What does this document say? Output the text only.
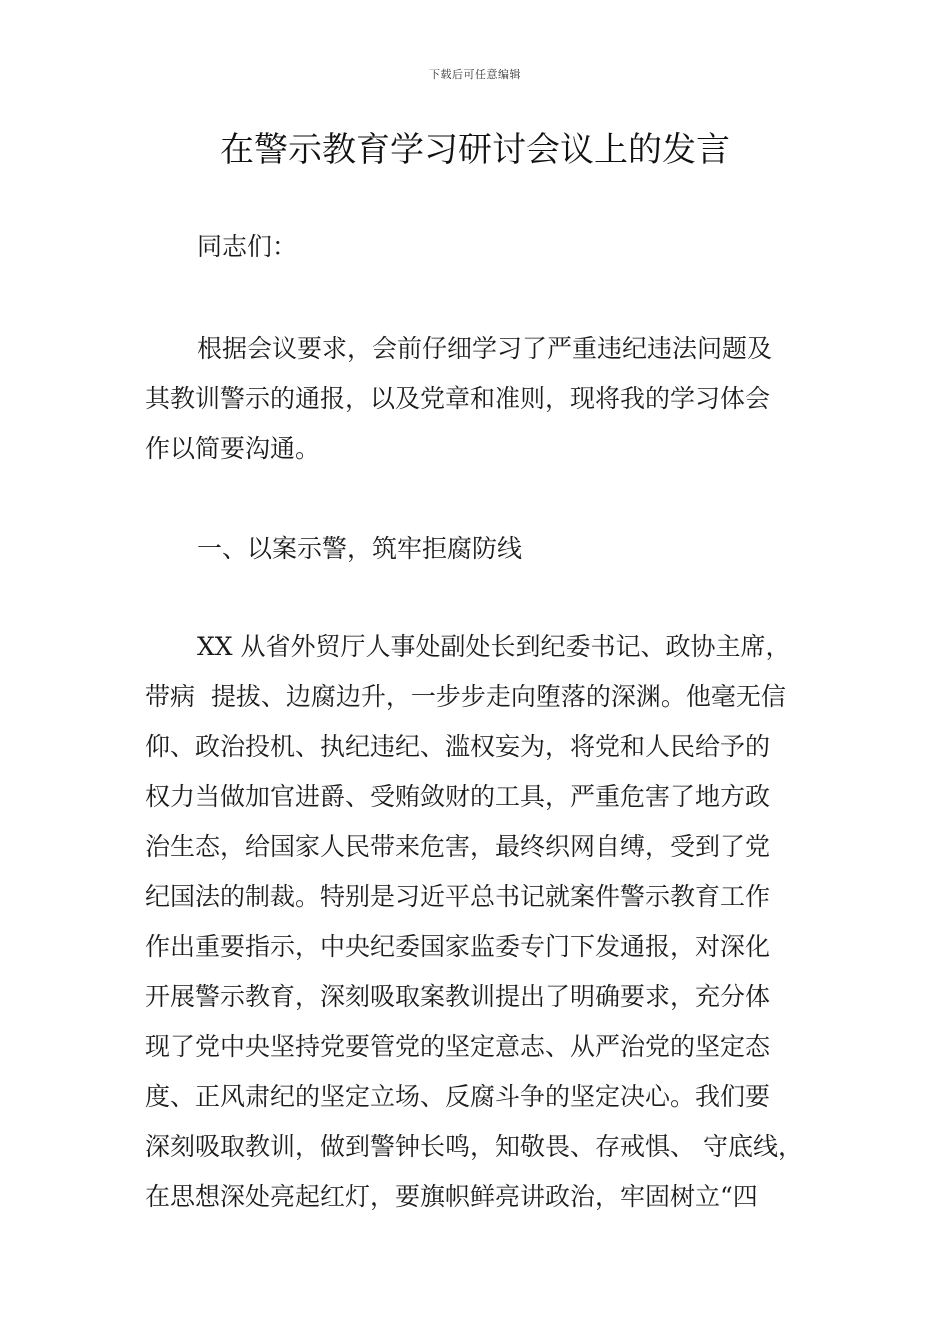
下载后可任意编辑
在警示教育学习研讨会议上的发言
同志们：
根据会议要求，会前仔细学习了严重违纪违法问题及
其教训警示的通报，以及党章和准则，现将我的学习体会
作以简要沟通。
一、以案示警，筑牢拒腐防线
XX 从省外贸厅人事处副处长到纪委书记、政协主席，
带病  提拔、边腐边升，一步步走向堕落的深渊。他毫无信
仰、政治投机、执纪违纪、滥权妄为，将党和人民给予的
权力当做加官进爵、受贿敛财的工具，严重危害了地方政
治生态，给国家人民带来危害，最终织网自缚，受到了党
纪国法的制裁。特别是习近平总书记就案件警示教育工作
作出重要指示，中央纪委国家监委专门下发通报，对深化
开展警示教育，深刻吸取案教训提出了明确要求，充分体
现了党中央坚持党要管党的坚定意志、从严治党的坚定态
度、正风肃纪的坚定立场、反腐斗争的坚定决心。我们要
深刻吸取教训，做到警钟长鸣，知敬畏、存戒惧、 守底线，
在思想深处亮起红灯，要旗帜鲜亮讲政治，牢固树立“四
